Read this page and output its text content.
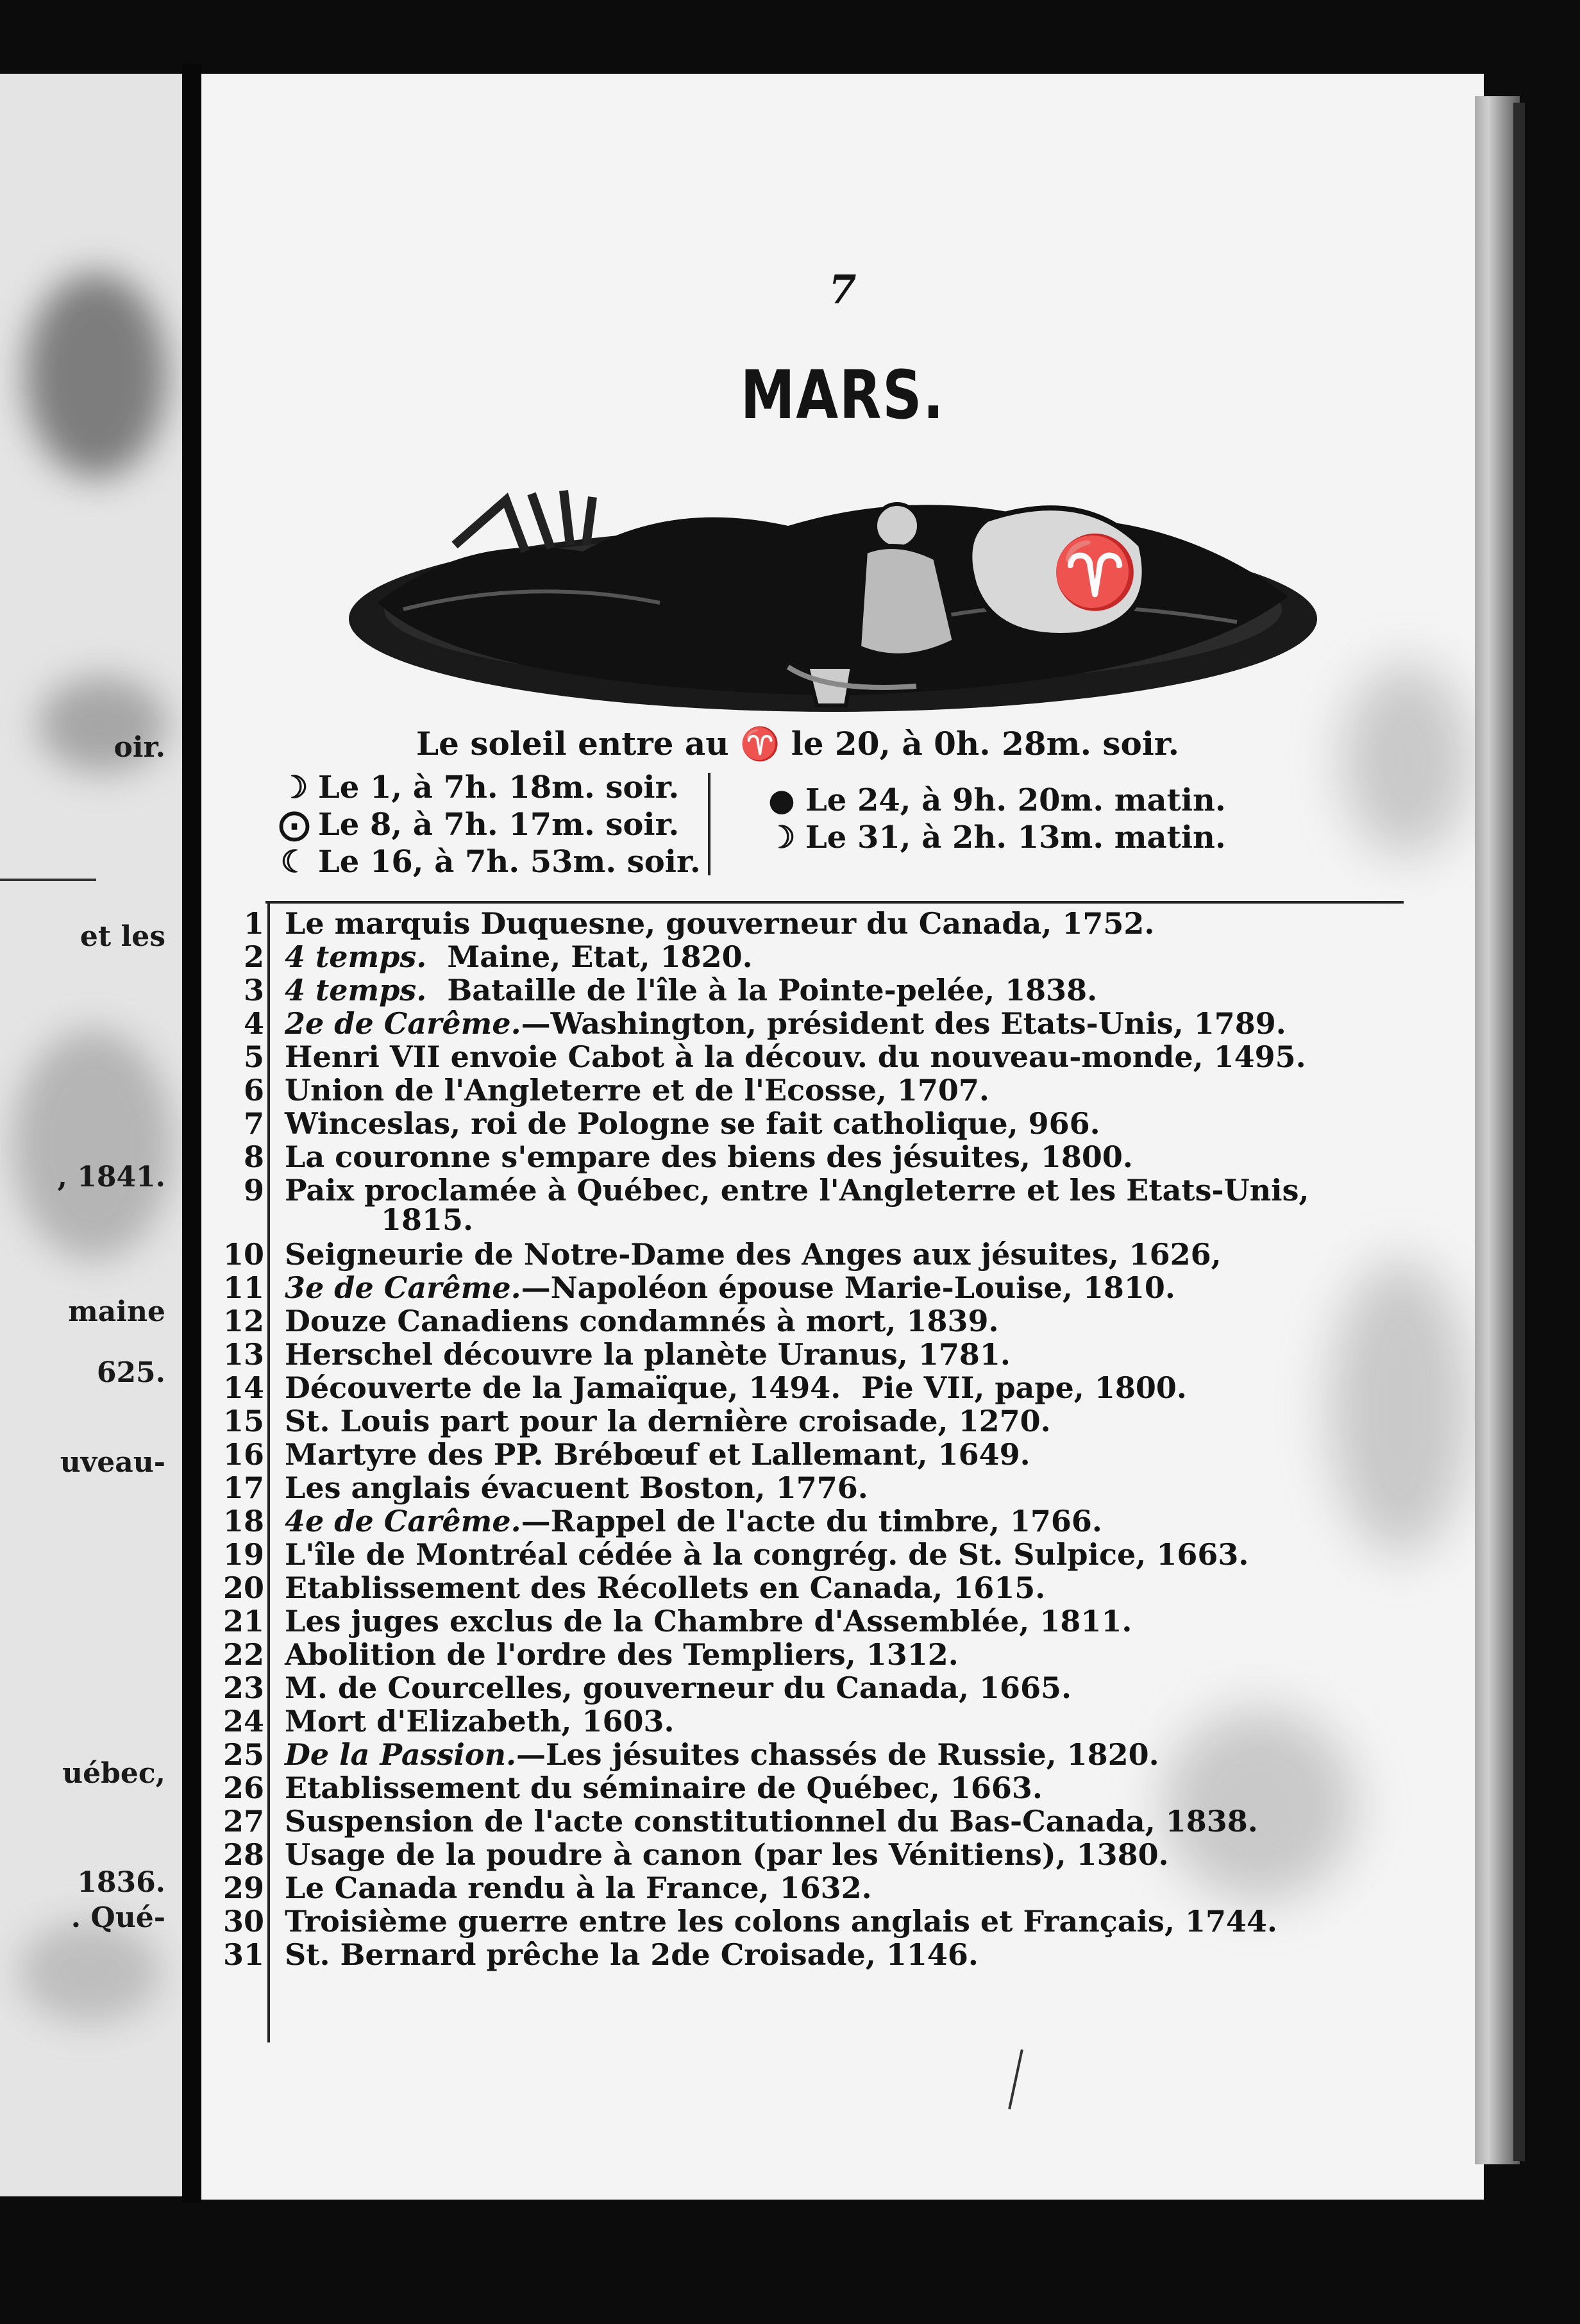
oir.
et les
, 1841.
maine
625.
uveau-
uébec,
1836.
. Qué-
7
MARS.
♈
Le soleil entre au ♈ le 20, à 0h. 28m. soir.
☽ Le 1, à 7h. 18m. soir.
⨀ Le 8, à 7h. 17m. soir.
☾ Le 16, à 7h. 53m. soir.
● Le 24, à 9h. 20m. matin.
☽ Le 31, à 2h. 13m. matin.
1 Le marquis Duquesne, gouverneur du Canada, 1752.
2 4 temps.  Maine, Etat, 1820.
3 4 temps.  Bataille de l'île à la Pointe-pelée, 1838.
4 2e de Carême.—Washington, président des Etats-Unis, 1789.
5 Henri VII envoie Cabot à la découv. du nouveau-monde, 1495.
6 Union de l'Angleterre et de l'Ecosse, 1707.
7 Winceslas, roi de Pologne se fait catholique, 966.
8 La couronne s'empare des biens des jésuites, 1800.
9 Paix proclamée à Québec, entre l'Angleterre et les Etats-Unis,
1815.
10 Seigneurie de Notre-Dame des Anges aux jésuites, 1626,
11 3e de Carême.—Napoléon épouse Marie-Louise, 1810.
12 Douze Canadiens condamnés à mort, 1839.
13 Herschel découvre la planète Uranus, 1781.
14 Découverte de la Jamaïque, 1494.  Pie VII, pape, 1800.
15 St. Louis part pour la dernière croisade, 1270.
16 Martyre des PP. Brébœuf et Lallemant, 1649.
17 Les anglais évacuent Boston, 1776.
18 4e de Carême.—Rappel de l'acte du timbre, 1766.
19 L'île de Montréal cédée à la congrég. de St. Sulpice, 1663.
20 Etablissement des Récollets en Canada, 1615.
21 Les juges exclus de la Chambre d'Assemblée, 1811.
22 Abolition de l'ordre des Templiers, 1312.
23 M. de Courcelles, gouverneur du Canada, 1665.
24 Mort d'Elizabeth, 1603.
25 De la Passion.—Les jésuites chassés de Russie, 1820.
26 Etablissement du séminaire de Québec, 1663.
27 Suspension de l'acte constitutionnel du Bas-Canada, 1838.
28 Usage de la poudre à canon (par les Vénitiens), 1380.
29 Le Canada rendu à la France, 1632.
30 Troisième guerre entre les colons anglais et Français, 1744.
31 St. Bernard prêche la 2de Croisade, 1146.
